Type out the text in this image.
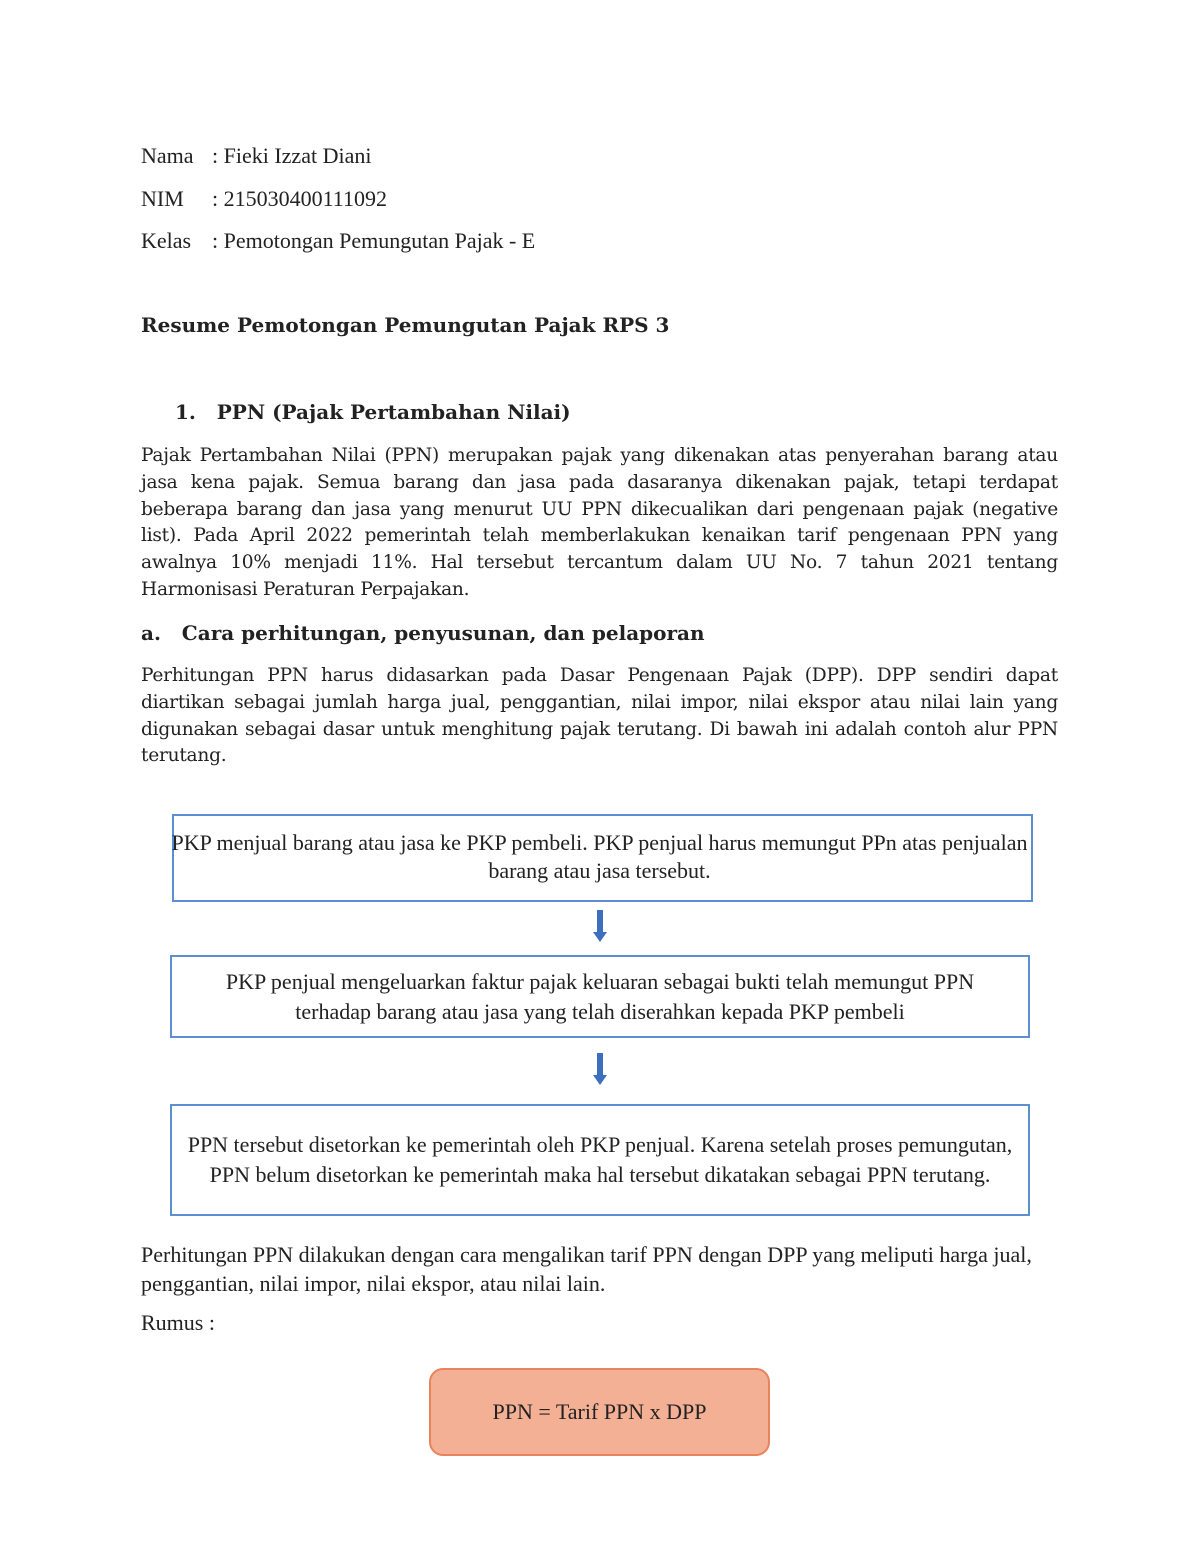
Nama : Fieki Izzat Diani
NIM : 215030400111092
Kelas : Pemotongan Pemungutan Pajak - E
Resume Pemotongan Pemungutan Pajak RPS 3
1.   PPN (Pajak Pertambahan Nilai)
Pajak Pertambahan Nilai (PPN) merupakan pajak yang dikenakan atas penyerahan barang atau jasa kena pajak. Semua barang dan jasa pada dasaranya dikenakan pajak, tetapi terdapat beberapa barang dan jasa yang menurut UU PPN dikecualikan dari pengenaan pajak (negative list). Pada April 2022 pemerintah telah memberlakukan kenaikan tarif pengenaan PPN yang awalnya 10% menjadi 11%. Hal tersebut tercantum dalam UU No. 7 tahun 2021 tentang Harmonisasi Peraturan Perpajakan.
a.   Cara perhitungan, penyusunan, dan pelaporan
Perhitungan PPN harus didasarkan pada Dasar Pengenaan Pajak (DPP). DPP sendiri dapat diartikan sebagai jumlah harga jual, penggantian, nilai impor, nilai ekspor atau nilai lain yang digunakan sebagai dasar untuk menghitung pajak terutang. Di bawah ini adalah contoh alur PPN terutang.
PKP menjual barang atau jasa ke PKP pembeli. PKP penjual harus memungut PPn atas penjualan barang atau jasa tersebut.
PKP penjual mengeluarkan faktur pajak keluaran sebagai bukti telah memungut PPN terhadap barang atau jasa yang telah diserahkan kepada PKP pembeli
PPN tersebut disetorkan ke pemerintah oleh PKP penjual. Karena setelah proses pemungutan, PPN belum disetorkan ke pemerintah maka hal tersebut dikatakan sebagai PPN terutang.
Perhitungan PPN dilakukan dengan cara mengalikan tarif PPN dengan DPP yang meliputi harga jual, penggantian, nilai impor, nilai ekspor, atau nilai lain.
Rumus :
PPN = Tarif PPN x DPP
